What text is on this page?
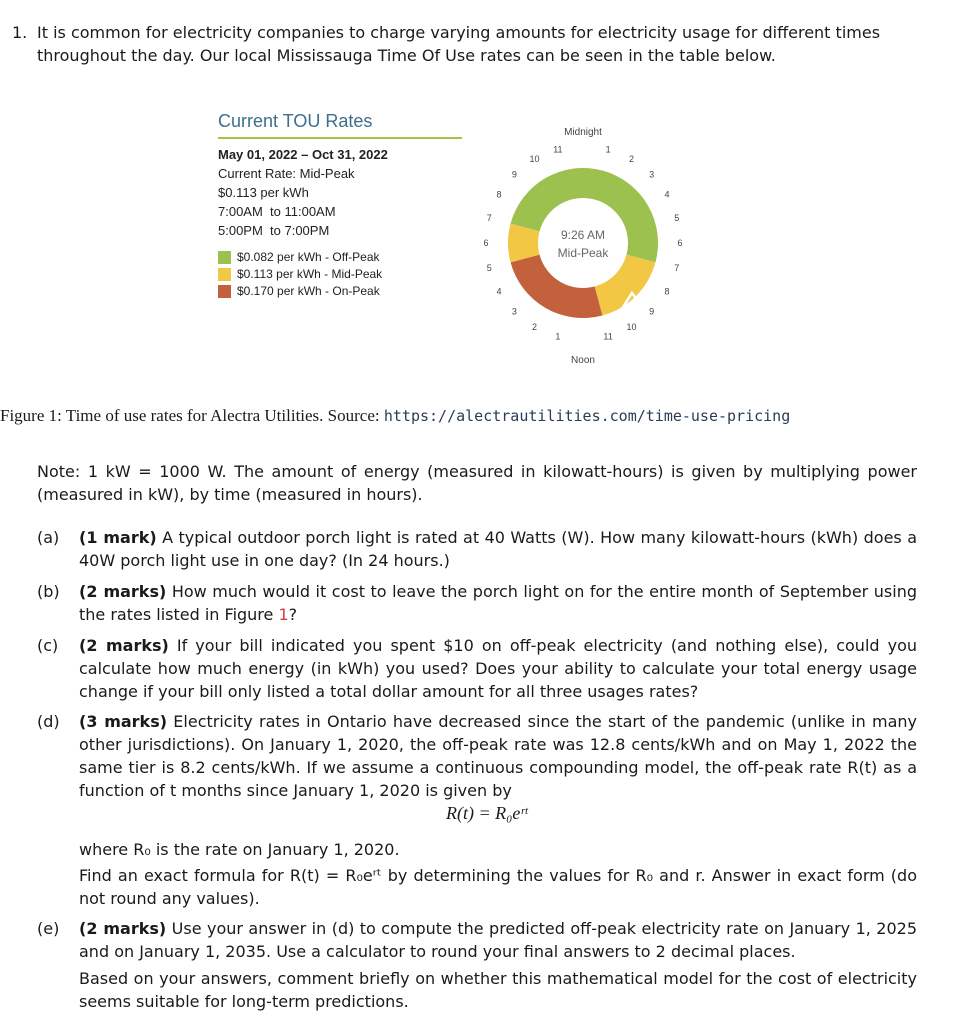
1. It is common for electricity companies to charge varying amounts for electricity usage for different times throughout the day. Our local Mississauga Time Of Use rates can be seen in the table below.

Current TOU Rates
May 01, 2022 – Oct 31, 2022
Current Rate: Mid-Peak
$0.113 per kWh
7:00AM  to 11:00AM
5:00PM  to 7:00PM
$0.082 per kWh - Off-Peak
$0.113 per kWh - Mid-Peak
$0.170 per kWh - On-Peak
11	1
2
3
4
5
6
7
8
9
10
11
1
2
3
4
5
6
7
8
9
10
Midnight
Noon
9:26 AM
Mid-Peak
Figure 1: Time of use rates for Alectra Utilities. Source: https://alectrautilities.com/time-use-pricing

Note: 1 kW = 1000 W. The amount of energy (measured in kilowatt-hours) is given by multiplying power (measured in kW), by time (measured in hours).

(a) (1 mark) A typical outdoor porch light is rated at 40 Watts (W). How many kilowatt-hours (kWh) does a 40W porch light use in one day? (In 24 hours.)
(b) (2 marks) How much would it cost to leave the porch light on for the entire month of September using the rates listed in Figure 1?
(c) (2 marks) If your bill indicated you spent $10 on off-peak electricity (and nothing else), could you calculate how much energy (in kWh) you used? Does your ability to calculate your total energy usage change if your bill only listed a total dollar amount for all three usages rates?
(d) (3 marks) Electricity rates in Ontario have decreased since the start of the pandemic (unlike in many other jurisdictions). On January 1, 2020, the off-peak rate was 12.8 cents/kWh and on May 1, 2022 the same tier is 8.2 cents/kWh. If we assume a continuous compounding model, the off-peak rate R(t) as a function of t months since January 1, 2020 is given by
R(t) = R₀eʳᵗ
where R₀ is the rate on January 1, 2020.
Find an exact formula for R(t) = R₀eʳᵗ by determining the values for R₀ and r. Answer in exact form (do not round any values).
(e) (2 marks) Use your answer in (d) to compute the predicted off-peak electricity rate on January 1, 2025 and on January 1, 2035. Use a calculator to round your final answers to 2 decimal places.
Based on your answers, comment briefly on whether this mathematical model for the cost of electricity seems suitable for long-term predictions.
